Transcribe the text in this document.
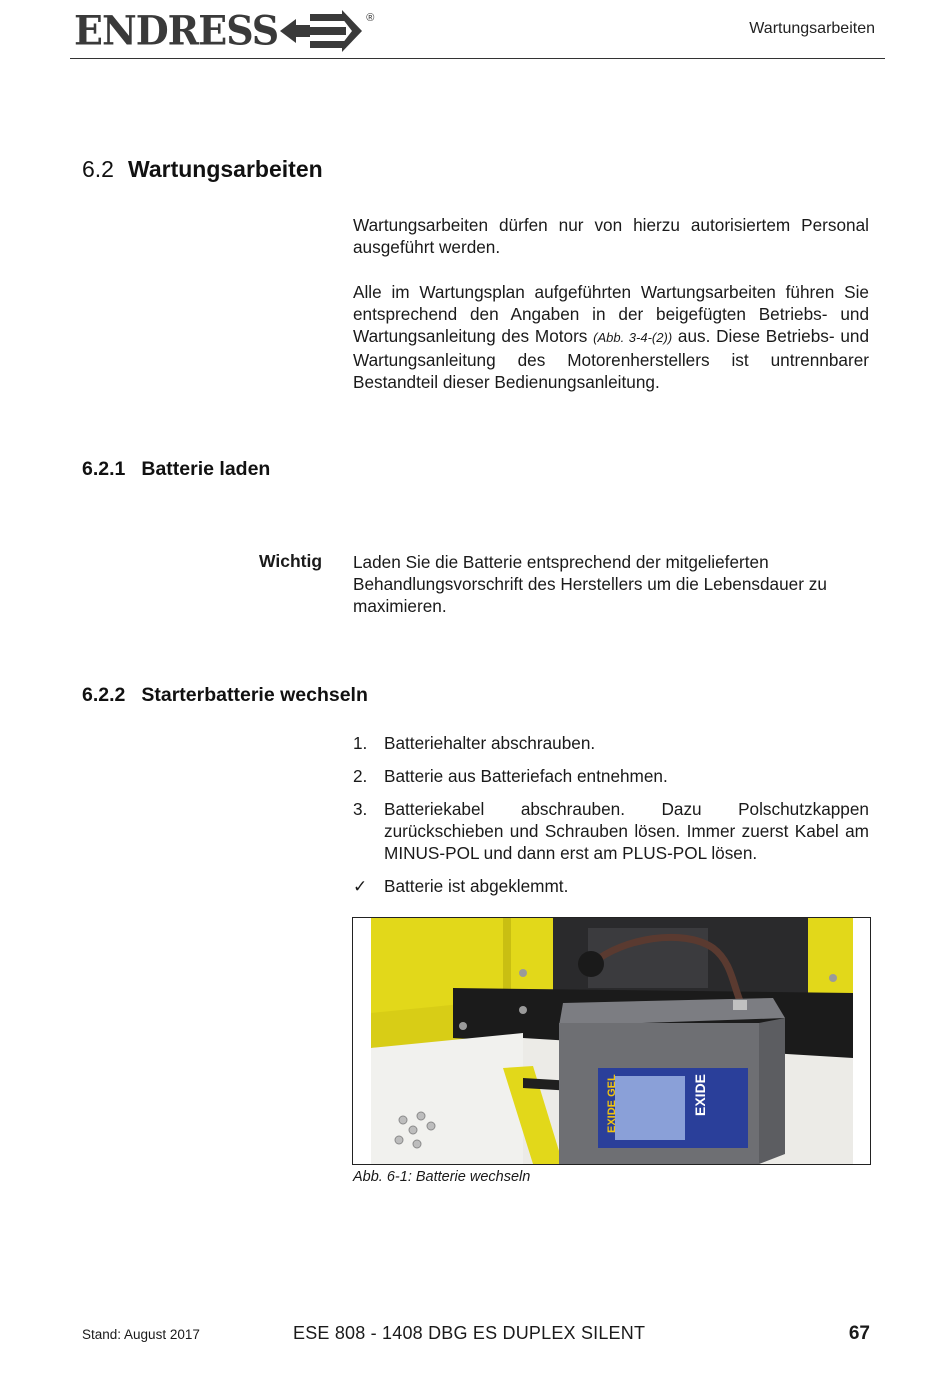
ENDRESS	®
Wartungsarbeiten
6.2 Wartungsarbeiten
Wartungsarbeiten dürfen nur von hierzu autorisiertem Personal ausgeführt werden.
Alle im Wartungsplan aufgeführten Wartungsarbeiten führen Sie entsprechend den Angaben in der beigefügten Betriebs- und Wartungsanleitung des Motors (Abb. 3-4-(2)) aus. Diese Betriebs- und Wartungsanleitung des Motorenherstellers ist untrennbarer Bestandteil dieser Bedienungsanleitung.
6.2.1 Batterie laden
Wichtig Laden Sie die Batterie entsprechend der mitgelieferten Behandlungsvorschrift des Herstellers um die Lebensdauer zu maximieren.
6.2.2 Starterbatterie wechseln
1. Batteriehalter abschrauben.
2. Batterie aus Batteriefach entnehmen.
3. Batteriekabel abschrauben. Dazu Polschutzkappen zurückschieben und Schrauben lösen. Immer zuerst Kabel am MINUS-POL und dann erst am PLUS-POL lösen.
✓ Batterie ist abgeklemmt.
EXIDE
EXIDE GEL
Abb. 6-1: Batterie wechseln
Stand: August 2017	ESE 808 - 1408 DBG ES DUPLEX SILENT	67
